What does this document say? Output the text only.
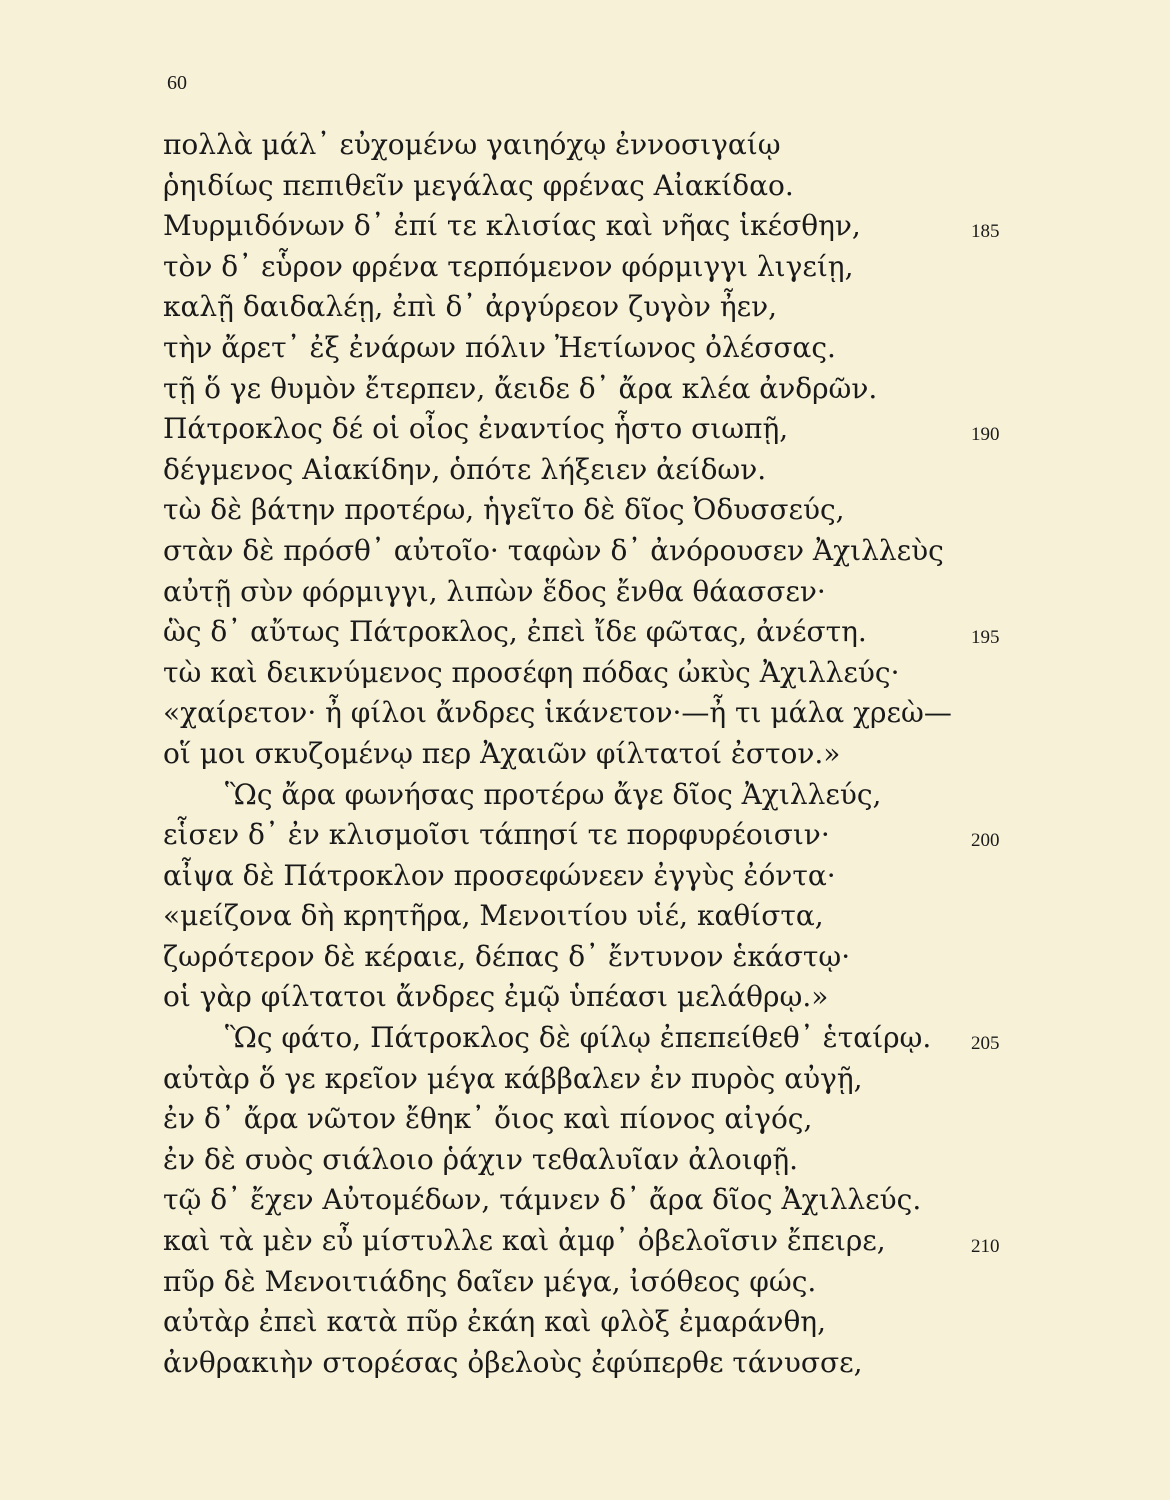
60
πολλὰ μάλ᾽ εὐχομένω γαιηόχῳ ἐννοσιγαίῳ
ῥηιδίως πεπιθεῖν μεγάλας φρένας Αἰακίδαο.
Μυρμιδόνων δ᾽ ἐπί τε κλισίας καὶ νῆας ἱκέσθην,	185
τὸν δ᾽ εὗρον φρένα τερπόμενον φόρμιγγι λιγείῃ,
καλῇ δαιδαλέῃ, ἐπὶ δ᾽ ἀργύρεον ζυγὸν ἦεν,
τὴν ἄρετ᾽ ἐξ ἐνάρων πόλιν Ἠετίωνος ὀλέσσας.
τῇ ὅ γε θυμὸν ἔτερπεν, ἄειδε δ᾽ ἄρα κλέα ἀνδρῶν.
Πάτροκλος δέ οἱ οἶος ἐναντίος ἧστο σιωπῇ,	190
δέγμενος Αἰακίδην, ὁπότε λήξειεν ἀείδων.
τὼ δὲ βάτην προτέρω, ἡγεῖτο δὲ δῖος Ὀδυσσεύς,
στὰν δὲ πρόσθ᾽ αὐτοῖο· ταφὼν δ᾽ ἀνόρουσεν Ἀχιλλεὺς
αὐτῇ σὺν φόρμιγγι, λιπὼν ἕδος ἔνθα θάασσεν·
ὣς δ᾽ αὔτως Πάτροκλος, ἐπεὶ ἴδε φῶτας, ἀνέστη.	195
τὼ καὶ δεικνύμενος προσέφη πόδας ὠκὺς Ἀχιλλεύς·
«χαίρετον· ἦ φίλοι ἄνδρες ἱκάνετον·—ἦ τι μάλα χρεὼ—
οἵ μοι σκυζομένῳ περ Ἀχαιῶν φίλτατοί ἐστον.»
Ὣς ἄρα φωνήσας προτέρω ἄγε δῖος Ἀχιλλεύς,
εἷσεν δ᾽ ἐν κλισμοῖσι τάπησί τε πορφυρέοισιν·	200
αἶψα δὲ Πάτροκλον προσεφώνεεν ἐγγὺς ἐόντα·
«μείζονα δὴ κρητῆρα, Μενοιτίου υἱέ, καθίστα,
ζωρότερον δὲ κέραιε, δέπας δ᾽ ἔντυνον ἑκάστῳ·
οἱ γὰρ φίλτατοι ἄνδρες ἐμῷ ὑπέασι μελάθρῳ.»
Ὣς φάτο, Πάτροκλος δὲ φίλῳ ἐπεπείθεθ᾽ ἑταίρῳ. 205
αὐτὰρ ὅ γε κρεῖον μέγα κάββαλεν ἐν πυρὸς αὐγῇ,
ἐν δ᾽ ἄρα νῶτον ἔθηκ᾽ ὄιος καὶ πίονος αἰγός,
ἐν δὲ συὸς σιάλοιο ῥάχιν τεθαλυῖαν ἀλοιφῇ.
τῷ δ᾽ ἔχεν Αὐτομέδων, τάμνεν δ᾽ ἄρα δῖος Ἀχιλλεύς.
καὶ τὰ μὲν εὖ μίστυλλε καὶ ἀμφ᾽ ὀβελοῖσιν ἔπειρε,	210
πῦρ δὲ Μενοιτιάδης δαῖεν μέγα, ἰσόθεος φώς.
αὐτὰρ ἐπεὶ κατὰ πῦρ ἐκάη καὶ φλὸξ ἐμαράνθη,
ἀνθρακιὴν στορέσας ὀβελοὺς ἐφύπερθε τάνυσσε,
